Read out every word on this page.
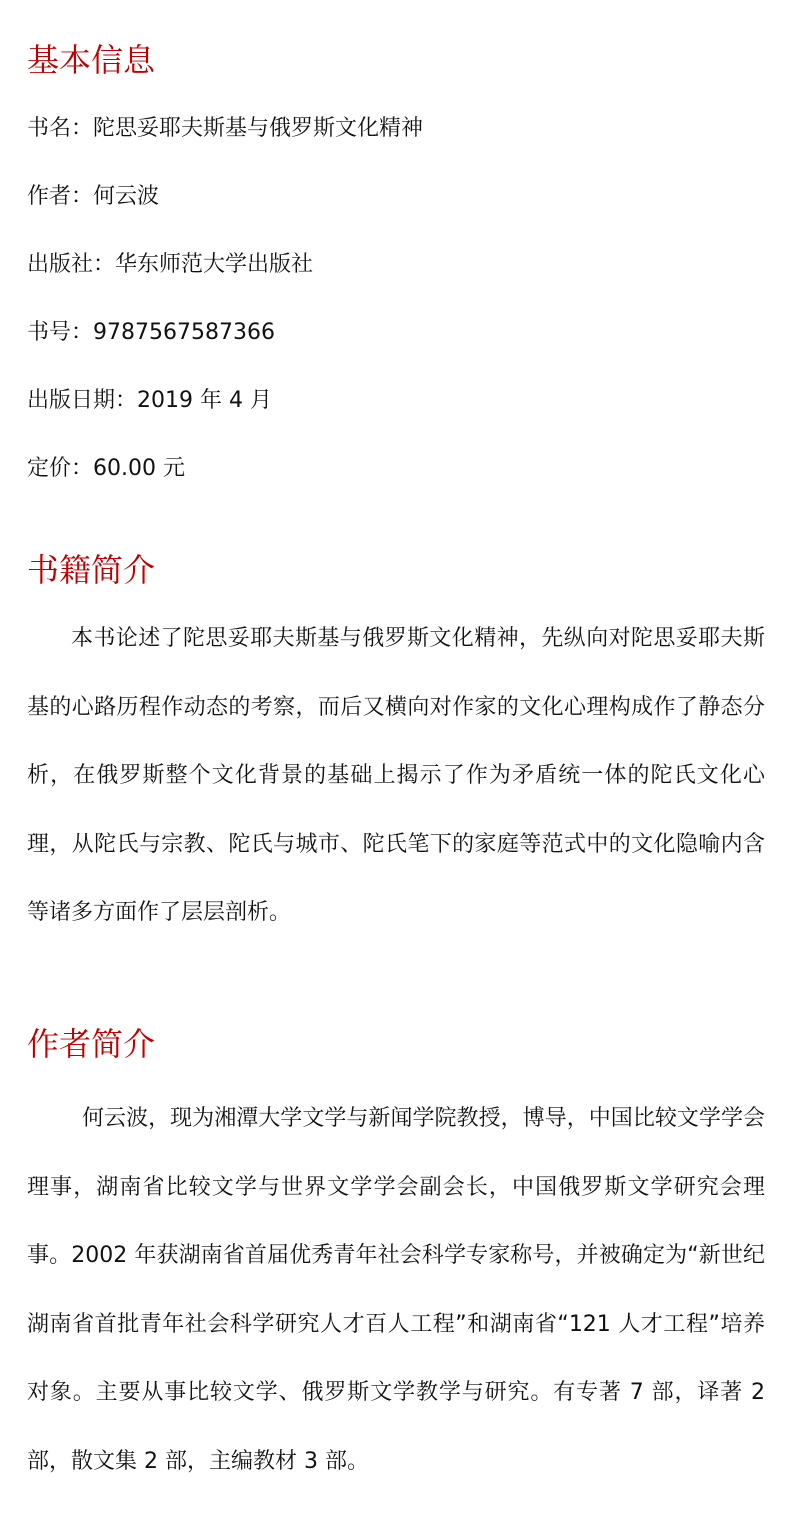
基本信息
书名：陀思妥耶夫斯基与俄罗斯文化精神
作者：何云波
出版社：华东师范大学出版社
书号：9787567587366
出版日期：2019 年 4 月
定价：60.00 元
书籍简介

本书论述了陀思妥耶夫斯基与俄罗斯文化精神，先纵向对陀思妥耶夫斯基的心路历程作动态的考察，而后又横向对作家的文化心理构成作了静态分析，在俄罗斯整个文化背景的基础上揭示了作为矛盾统一体的陀氏文化心理，从陀氏与宗教、陀氏与城市、陀氏笔下的家庭等范式中的文化隐喻内含等诸多方面作了层层剖析。

作者简介

何云波，现为湘潭大学文学与新闻学院教授，博导，中国比较文学学会理事，湖南省比较文学与世界文学学会副会长，中国俄罗斯文学研究会理事。2002 年获湖南省首届优秀青年社会科学专家称号，并被确定为“新世纪湖南省首批青年社会科学研究人才百人工程”和湖南省“121 人才工程”培养对象。主要从事比较文学、俄罗斯文学教学与研究。有专著 7 部，译著 2 部，散文集 2 部，主编教材 3 部。
